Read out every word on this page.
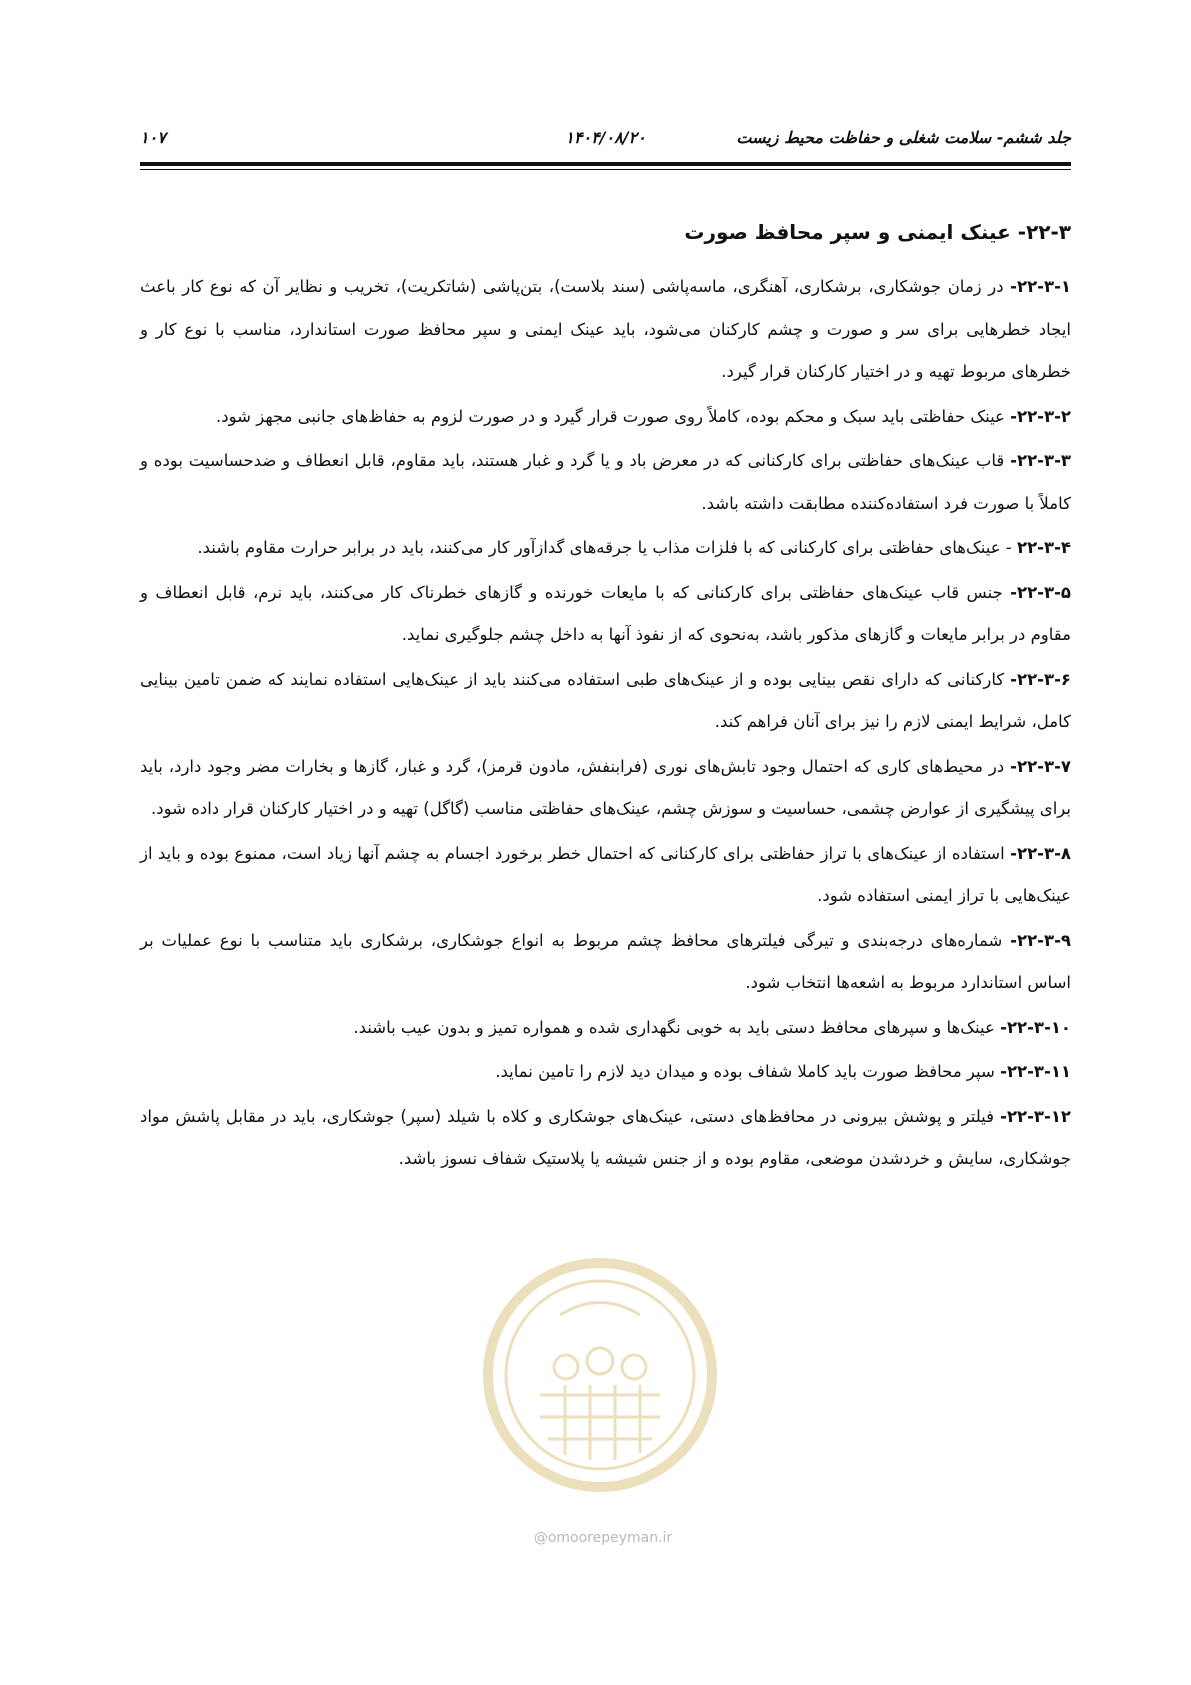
جلد ششم- سلامت شغلی و حفاظت محیط زیست
۱۴۰۴/۰۸/۲۰
۱۰۷
@omoorepeyman.ir
۲۲-۳- عینک ایمنی و سپر محافظ صورت

۲۲-۳-۱- در زمان جوشکاری، برشکاری، آهنگری، ماسه‌پاشی (سند بلاست)، بتن‌پاشی (شاتکریت)، تخریب و نظایر آن که نوع کار باعث ایجاد خطرهایی برای سر و صورت و چشم کارکنان می‌شود، باید عینک ایمنی و سپر محافظ صورت استاندارد، مناسب با نوع کار و خطرهای مربوط تهیه و در اختیار کارکنان قرار گیرد.

۲۲-۳-۲- عینک حفاظتی باید سبک و محکم بوده، کاملاً روی صورت قرار گیرد و در صورت لزوم به حفاظ‌های جانبی مجهز شود.

۲۲-۳-۳- قاب عینک‌های حفاظتی برای کارکنانی که در معرض باد و یا گرد و غبار هستند، باید مقاوم، قابل انعطاف و ضدحساسیت بوده و کاملاً با صورت فرد استفاده‌کننده مطابقت داشته باشد.

۲۲-۳-۴ - عینک‌های حفاظتی برای کارکنانی که با فلزات مذاب یا جرقه‌های گدازآور کار می‌کنند، باید در برابر حرارت مقاوم باشند.

۲۲-۳-۵- جنس قاب عینک‌های حفاظتی برای کارکنانی که با مایعات خورنده و گازهای خطرناک کار می‌کنند، باید نرم، قابل انعطاف و مقاوم در برابر مایعات و گازهای مذکور باشد، به‌نحوی که از نفوذ آنها به داخل چشم جلوگیری نماید.

۲۲-۳-۶- کارکنانی که دارای نقص بینایی بوده و از عینک‌های طبی استفاده می‌کنند باید از عینک‌هایی استفاده نمایند که ضمن تامین بینایی کامل، شرایط ایمنی لازم را نیز برای آنان فراهم کند.

۲۲-۳-۷- در محیط‌های کاری که احتمال وجود تابش‌های نوری (فرابنفش، مادون قرمز)، گرد و غبار، گازها و بخارات مضر وجود دارد، باید برای پیشگیری از عوارض چشمی، حساسیت و سوزش چشم، عینک‌های حفاظتی مناسب (گاگل) تهیه و در اختیار کارکنان قرار داده شود.

۲۲-۳-۸- استفاده از عینک‌های با تراز حفاظتی برای کارکنانی که احتمال خطر برخورد اجسام به چشم آنها زیاد است، ممنوع بوده و باید از عینک‌هایی با تراز ایمنی استفاده شود.

۲۲-۳-۹- شماره‌های درجه‌بندی و تیرگی فیلترهای محافظ چشم مربوط به انواع جوشکاری، برشکاری باید متناسب با نوع عملیات بر اساس استاندارد مربوط به اشعه‌ها انتخاب شود.

۲۲-۳-۱۰- عینک‌ها و سپرهای محافظ دستی باید به خوبی نگهداری شده و همواره تمیز و بدون عیب باشند.

۲۲-۳-۱۱- سپر محافظ صورت باید کاملا شفاف بوده و میدان دید لازم را تامین نماید.

۲۲-۳-۱۲- فیلتر و پوشش بیرونی در محافظ‌های دستی، عینک‌های جوشکاری و کلاه با شیلد (سپر) جوشکاری، باید در مقابل پاشش مواد جوشکاری، سایش و خردشدن موضعی، مقاوم بوده و از جنس شیشه یا پلاستیک شفاف نسوز باشد.
